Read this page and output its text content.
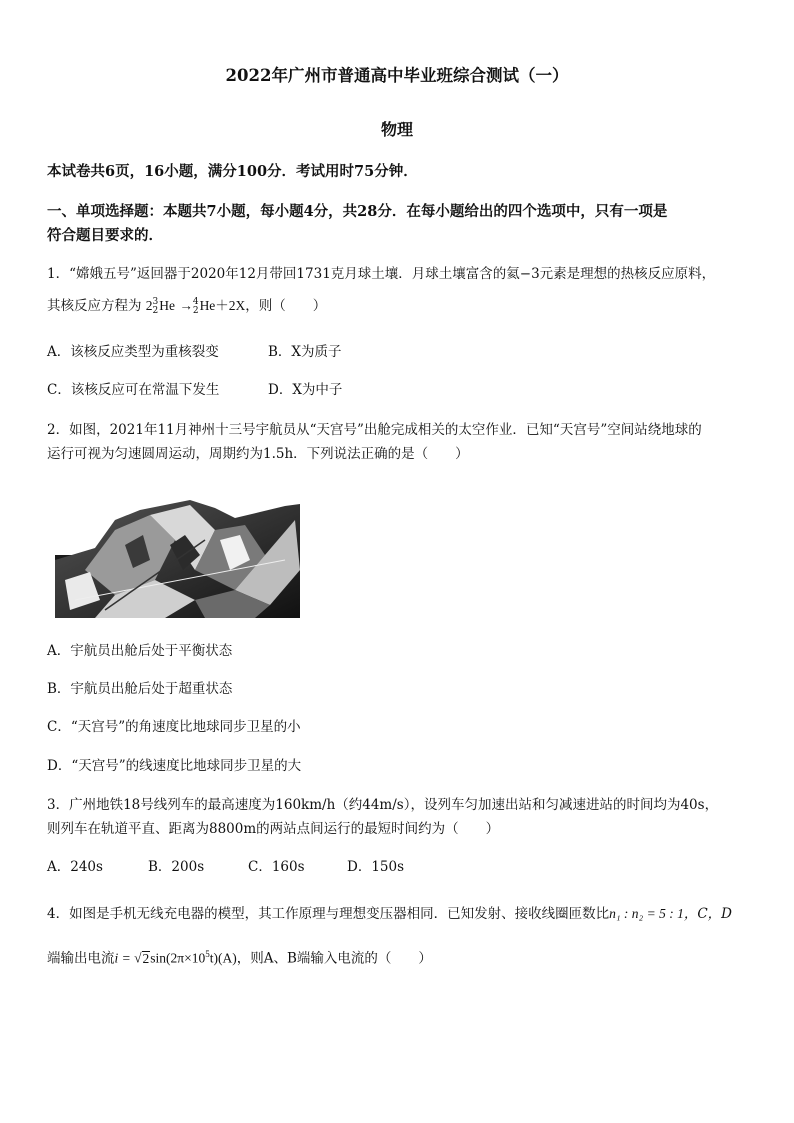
2022年广州市普通高中毕业班综合测试（一）
物理
本试卷共6页，16小题，满分100分．考试用时75分钟．
一、单项选择题：本题共7小题，每小题4分，共28分．在每小题给出的四个选项中，只有一项是
符合题目要求的．
1．“嫦娥五号”返回器于2020年12月带回1731克月球土壤．月球土壤富含的氦−3元素是理想的热核反应原料，
其核反应方程为 2 3
2 He → 4
2 He＋2X，则（　　）
A．该核反应类型为重核裂变	B．X为质子
C．该核反应可在常温下发生	D．X为中子
2．如图，2021年11月神州十三号宇航员从“天宫号”出舱完成相关的太空作业．已知“天宫号”空间站绕地球的
运行可视为匀速圆周运动，周期约为1.5h．下列说法正确的是（　　）
A．宇航员出舱后处于平衡状态
B．宇航员出舱后处于超重状态
C．“天宫号”的角速度比地球同步卫星的小
D．“天宫号”的线速度比地球同步卫星的大
3．广州地铁18号线列车的最高速度为160km/h（约44m/s），设列车匀加速出站和匀减速进站的时间均为40s，
则列车在轨道平直、距离为8800m的两站点间运行的最短时间约为（　　）
A．240s	B．200s	C．160s	D．150s
4．如图是手机无线充电器的模型，其工作原理与理想变压器相同．已知发射、接收线圈匝数比n₁ : n₂ = 5 : 1，C，D
端输出电流$i = √2\sin(2\pi\times 10^5t)(A)$，则A、B端输入电流的（　　）
